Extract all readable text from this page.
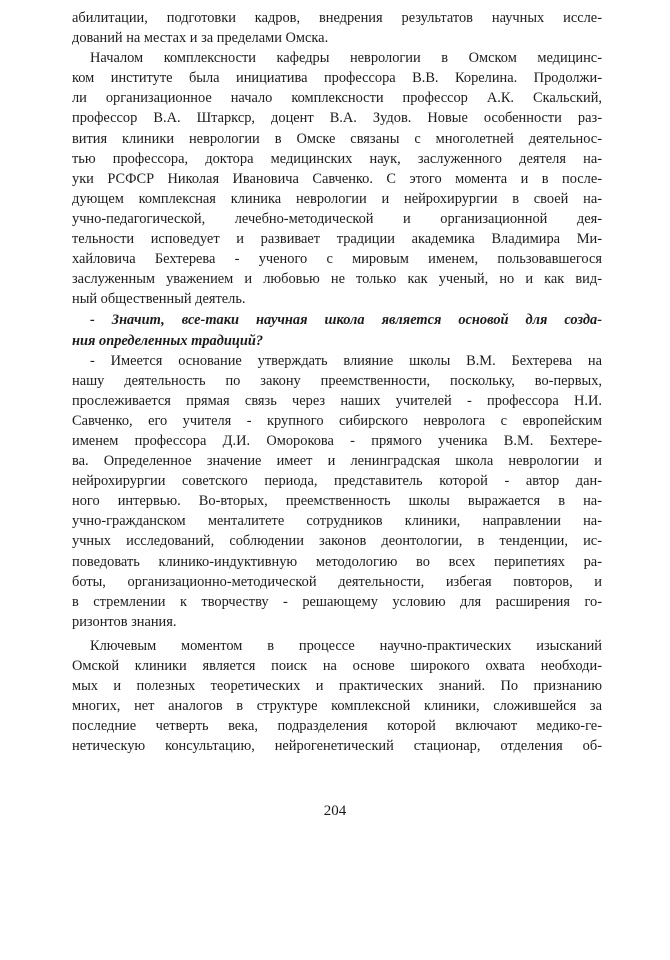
абилитации, подготовки кадров, внедрения результатов научных иссле-
дований на местах и за пределами Омска.
Началом комплексности кафедры неврологии в Омском медицинс-
ком институте была инициатива профессора В.В. Корелина. Продолжи-
ли организационное начало комплексности профессор А.К. Скальский,
профессор В.А. Штаркср, доцент В.А. Зудов. Новые особенности раз-
вития клиники неврологии в Омске связаны с многолетней деятельнос-
тью профессора, доктора медицинских наук, заслуженного деятеля на-
уки РСФСР Николая Ивановича Савченко. С этого момента и в после-
дующем комплексная клиника неврологии и нейрохирургии в своей на-
учно-педагогической, лечебно-методической и организационной дея-
тельности исповедует и развивает традиции академика Владимира Ми-
хайловича Бехтерева - ученого с мировым именем, пользовавшегося
заслуженным уважением и любовью не только как ученый, но и как вид-
ный общественный деятель.
- Значит, все-таки научная школа является основой для созда-
ния определенных традиций?
- Имеется основание утверждать влияние школы В.М. Бехтерева на
нашу деятельность по закону преемственности, поскольку, во-первых,
прослеживается прямая связь через наших учителей - профессора Н.И.
Савченко, его учителя - крупного сибирского невролога с европейским
именем профессора Д.И. Оморокова - прямого ученика В.М. Бехтере-
ва. Определенное значение имеет и ленинградская школа неврологии и
нейрохирургии советского периода, представитель которой - автор дан-
ного интервью. Во-вторых, преемственность школы выражается в на-
учно-гражданском менталитете сотрудников клиники, направлении на-
учных исследований, соблюдении законов деонтологии, в тенденции, ис-
поведовать клинико-индуктивную методологию во всех перипетиях ра-
боты, организационно-методической деятельности, избегая повторов, и
в стремлении к творчеству - решающему условию для расширения го-
ризонтов знания.
Ключевым моментом в процессе научно-практических изысканий
Омской клиники является поиск на основе широкого охвата необходи-
мых и полезных теоретических и практических знаний. По признанию
многих, нет аналогов в структуре комплексной клиники, сложившейся за
последние четверть века, подразделения которой включают медико-ге-
нетическую консультацию, нейрогенетический стационар, отделения об-
204
